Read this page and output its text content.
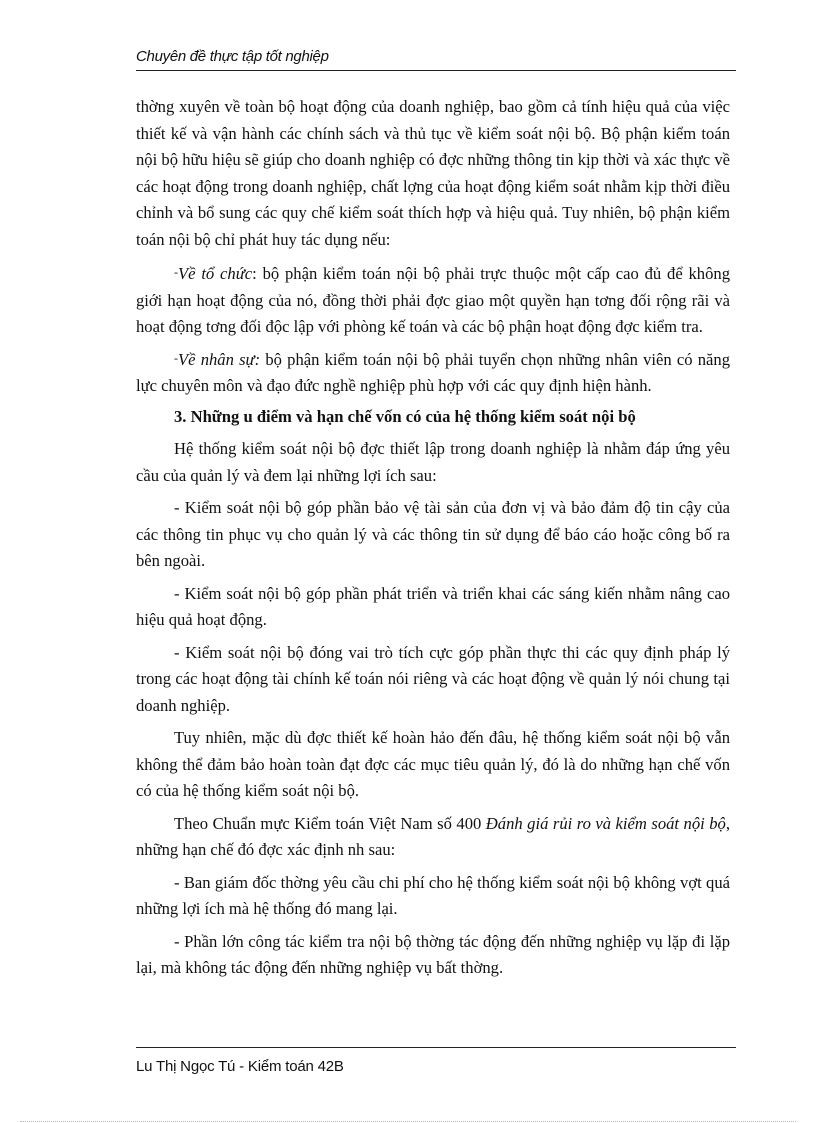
Chuyên đề thực tập tốt nghiệp

thờng xuyên về toàn bộ hoạt động của doanh nghiệp, bao gồm cả tính hiệu quả của việc thiết kế và vận hành các chính sách và thủ tục về kiểm soát nội bộ. Bộ phận kiểm toán nội bộ hữu hiệu sẽ giúp cho doanh nghiệp có đợc những thông tin kịp thời và xác thực về các hoạt động trong doanh nghiệp, chất lợng của hoạt động kiểm soát nhằm kịp thời điều chỉnh và bổ sung các quy chế kiểm soát thích hợp và hiệu quả. Tuy nhiên, bộ phận kiểm toán nội bộ chỉ phát huy tác dụng nếu:

-Về tổ chức: bộ phận kiểm toán nội bộ phải trực thuộc một cấp cao đủ để không giới hạn hoạt động của nó, đồng thời phải đợc giao một quyền hạn tơng đối rộng rãi và hoạt động tơng đối độc lập với phòng kế toán và các bộ phận hoạt động đợc kiểm tra.

-Về nhân sự: bộ phận kiểm toán nội bộ phải tuyển chọn những nhân viên có năng lực chuyên môn và đạo đức nghề nghiệp phù hợp với các quy định hiện hành.

3. Những u điểm và hạn chế vốn có của hệ thống kiểm soát nội bộ

Hệ thống kiểm soát nội bộ đợc thiết lập trong doanh nghiệp là nhằm đáp ứng yêu cầu của quản lý và đem lại những lợi ích sau:

- Kiểm soát nội bộ góp phần bảo vệ tài sản của đơn vị và bảo đảm độ tin cậy của các thông tin phục vụ cho quản lý và các thông tin sử dụng để báo cáo hoặc công bố ra bên ngoài.

- Kiểm soát nội bộ góp phần phát triển và triển khai các sáng kiến nhằm nâng cao hiệu quả hoạt động.

- Kiểm soát nội bộ đóng vai trò tích cực góp phần thực thi các quy định pháp lý trong các hoạt động tài chính kế toán nói riêng và các hoạt động về quản lý nói chung tại doanh nghiệp.

Tuy nhiên, mặc dù đợc thiết kế hoàn hảo đến đâu, hệ thống kiểm soát nội bộ vẫn không thể đảm bảo hoàn toàn đạt đợc các mục tiêu quản lý, đó là do những hạn chế vốn có của hệ thống kiểm soát nội bộ.

Theo Chuẩn mực Kiểm toán Việt Nam số 400 Đánh giá rủi ro và kiểm soát nội bộ, những hạn chế đó đợc xác định nh sau:

- Ban giám đốc thờng yêu cầu chi phí cho hệ thống kiểm soát nội bộ không vợt quá những lợi ích mà hệ thống đó mang lại.

- Phần lớn công tác kiểm tra nội bộ thờng tác động đến những nghiệp vụ lặp đi lặp lại, mà không tác động đến những nghiệp vụ bất thờng.

Lu Thị Ngọc Tú - Kiểm toán 42B
